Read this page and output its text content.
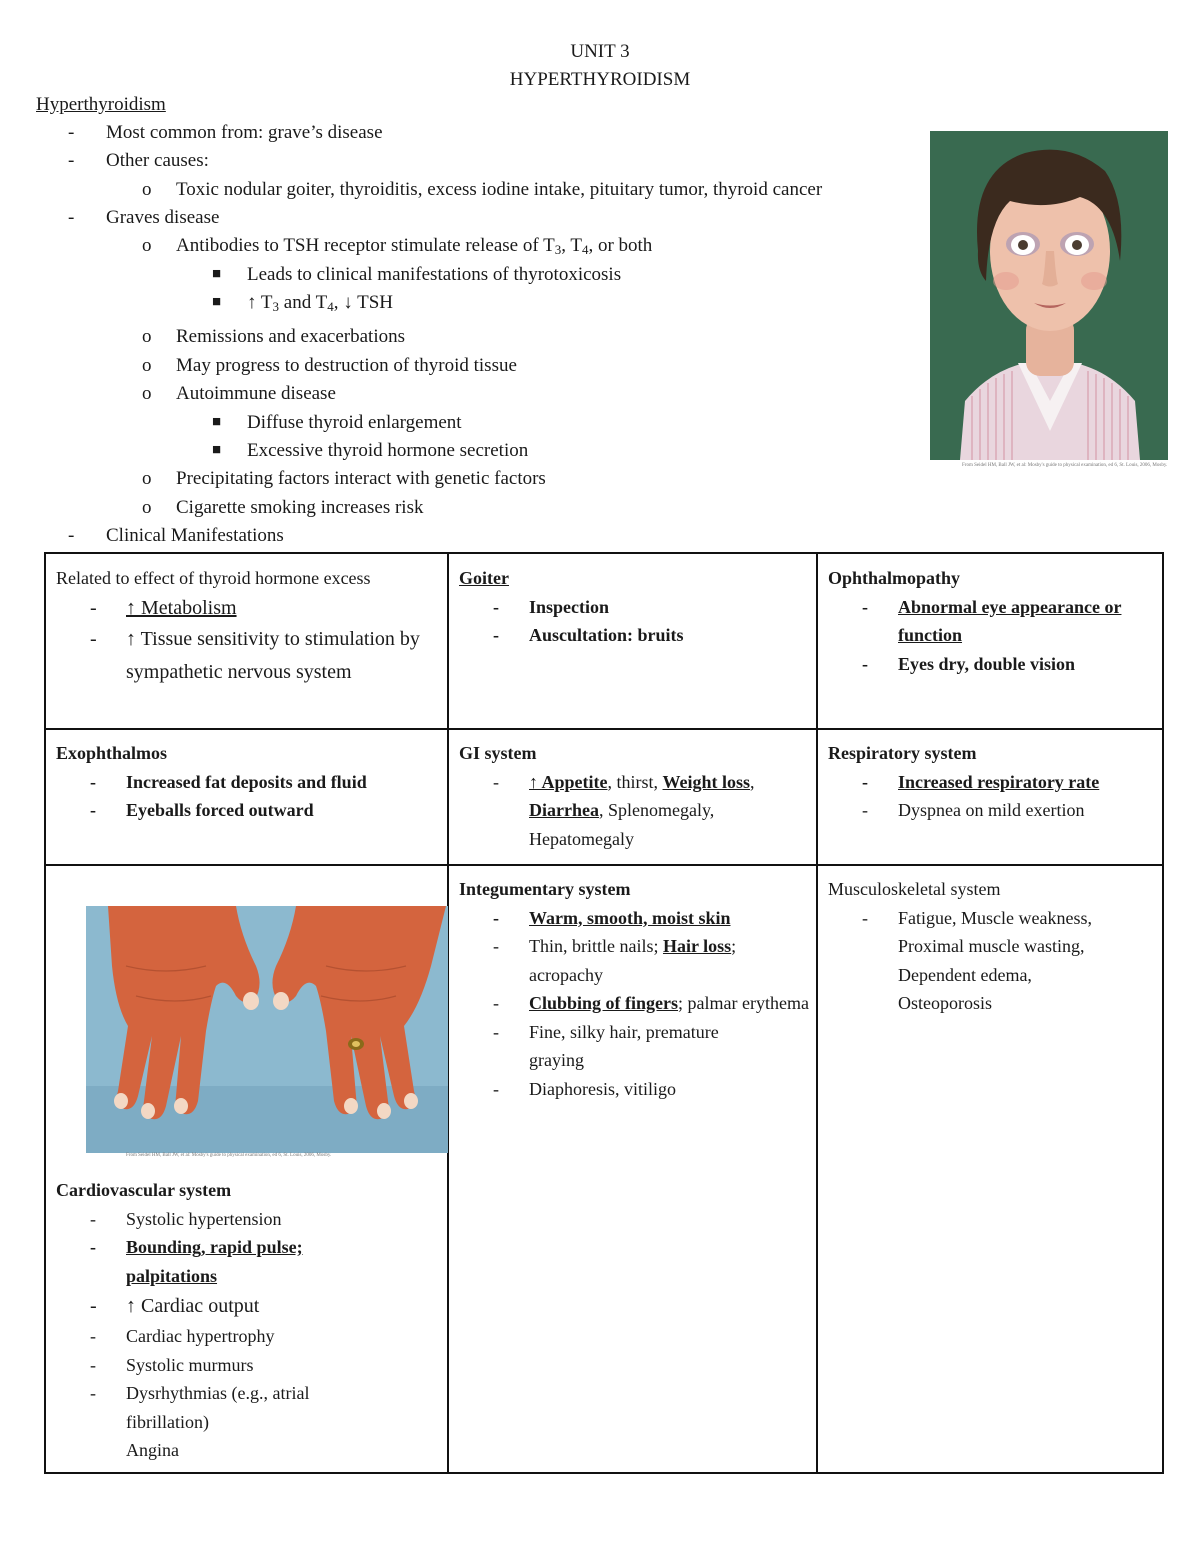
UNIT 3
HYPERTHYROIDISM
Hyperthyroidism
- Most common from: grave’s disease
- Other causes:
o Toxic nodular goiter, thyroiditis, excess iodine intake, pituitary tumor, thyroid cancer
- Graves disease
o Antibodies to TSH receptor stimulate release of $T_3$, $T_4$, or both
■ Leads to clinical manifestations of thyrotoxicosis
■ ↑ $T_3$ and $T_4$, ↓ TSH
o Remissions and exacerbations
o May progress to destruction of thyroid tissue
o Autoimmune disease
■ Diffuse thyroid enlargement
■ Excessive thyroid hormone secretion
o Precipitating factors interact with genetic factors
o Cigarette smoking increases risk
- Clinical Manifestations
From Seidel HM, Ball JW, et al: Mosby's guide to physical examination, ed 6, St. Louis, 2006, Mosby.
Related to effect of thyroid hormone excess
- ↑ Metabolism
- ↑ Tissue sensitivity to stimulation by sympathetic nervous system
Goiter
- Inspection
- Auscultation: bruits
Ophthalmopathy
- Abnormal eye appearance or function
- Eyes dry, double vision
Exophthalmos
- Increased fat deposits and fluid
- Eyeballs forced outward
GI system
- ↑ Appetite, thirst, Weight loss, Diarrhea, Splenomegaly, Hepatomegaly
Respiratory system
- Increased respiratory rate
- Dyspnea on mild exertion
From Seidel HM, Ball JW, et al: Mosby's guide to physical examination, ed 6, St. Louis, 2006, Mosby.
Cardiovascular system
- Systolic hypertension
- Bounding, rapid pulse; palpitations
- ↑ Cardiac output
- Cardiac hypertrophy
- Systolic murmurs
- Dysrhythmias (e.g., atrial fibrillation)
Angina
Integumentary system
- Warm, smooth, moist skin
- Thin, brittle nails; Hair loss; acropachy
- Clubbing of fingers; palmar erythema
- Fine, silky hair, premature graying
- Diaphoresis, vitiligo
Musculoskeletal system
- Fatigue, Muscle weakness, Proximal muscle wasting, Dependent edema, Osteoporosis
